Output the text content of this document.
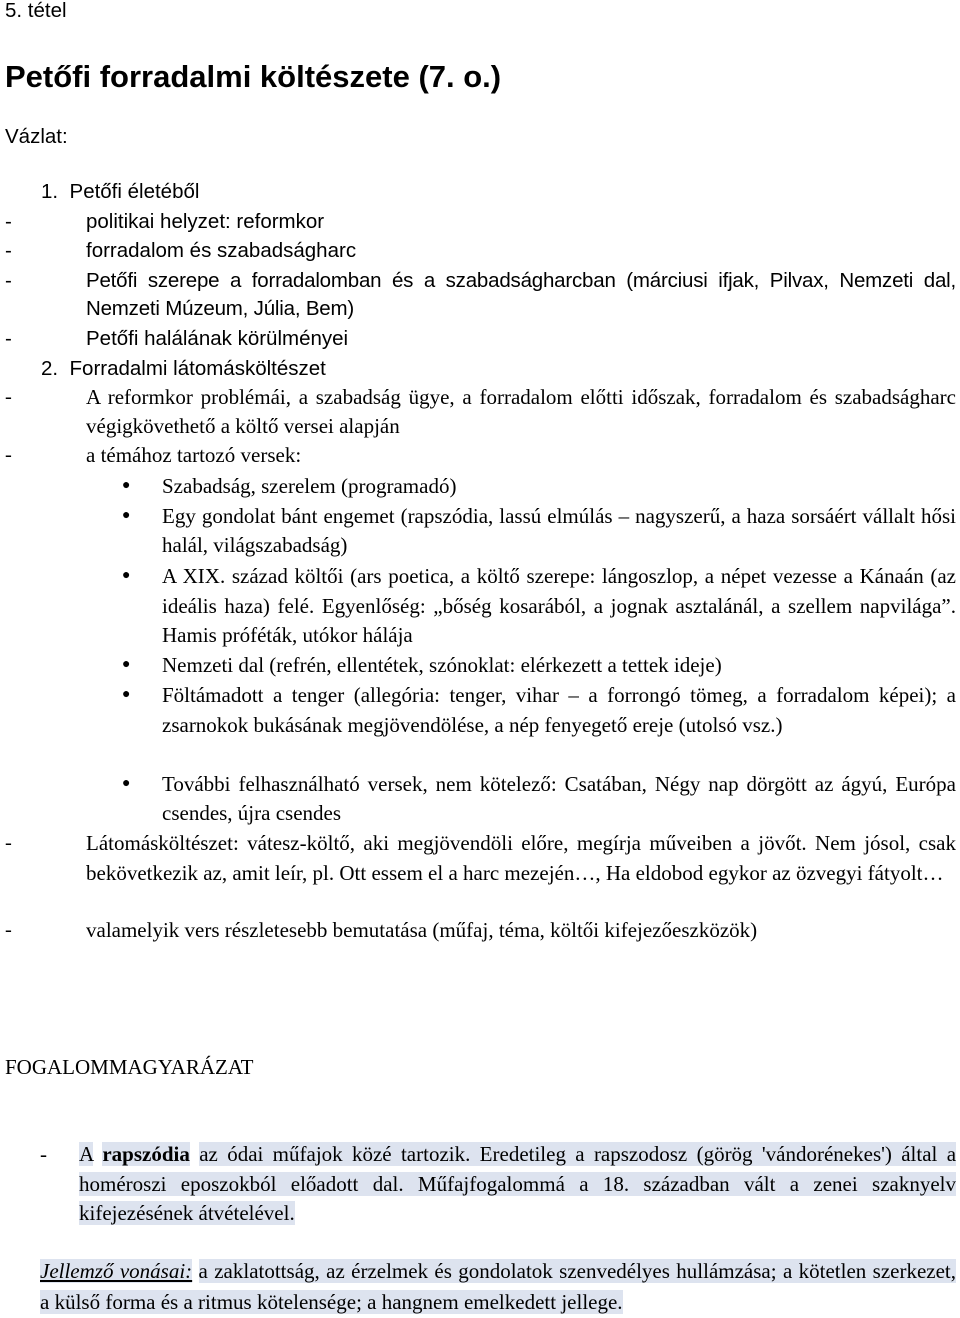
5. tétel
Petőfi forradalmi költészete (7. o.)
Vázlat:
1. Petőfi életéből
-	politikai helyzet: reformkor
-	forradalom és szabadságharc
-	Petőfi szerepe a forradalomban és a szabadságharcban (márciusi ifjak, Pilvax, Nemzeti dal, Nemzeti Múzeum, Júlia, Bem)
-	Petőfi halálának körülményei
2. Forradalmi látomásköltészet
-	A reformkor problémái, a szabadság ügye, a forradalom előtti időszak, forradalom és szabadságharc végigkövethető a költő versei alapján
-	a témához tartozó versek:
● Szabadság, szerelem (programadó)
● Egy gondolat bánt engemet (rapszódia, lassú elmúlás – nagyszerű, a haza sorsáért vállalt hősi halál, világszabadság)
● A XIX. század költői (ars poetica, a költő szerepe: lángoszlop, a népet vezesse a Kánaán (az ideális haza) felé. Egyenlőség: „bőség kosarából, a jognak asztalánál, a szellem napvilága”. Hamis próféták, utókor hálája
● Nemzeti dal (refrén, ellentétek, szónoklat: elérkezett a tettek ideje)
● Föltámadott a tenger (allegória: tenger, vihar – a forrongó tömeg, a forradalom képei); a zsarnokok bukásának megjövendölése, a nép fenyegető ereje (utolsó vsz.)
● További felhasználható versek, nem kötelező: Csatában, Négy nap dörgött az ágyú, Európa csendes, újra csendes
-	Látomásköltészet: vátesz-költő, aki megjövendöli előre, megírja műveiben a jövőt. Nem jósol, csak bekövetkezik az, amit leír, pl. Ott essem el a harc mezején…, Ha eldobod egykor az özvegyi fátyolt…
-	valamelyik vers részletesebb bemutatása (műfaj, téma, költői kifejezőeszközök)
FOGALOMMAGYARÁZAT
- A rapszódia az ódai műfajok közé tartozik. Eredetileg a rapszodosz (görög 'vándorénekes') által a homéroszi eposzokból előadott dal. Műfajfogalommá a 18. században vált a zenei szaknyelv kifejezésének átvételével.
Jellemző vonásai: a zaklatottság, az érzelmek és gondolatok szenvedélyes hullámzása; a kötetlen szerkezet, a külső forma és a ritmus kötelensége; a hangnem emelkedett jellege.
